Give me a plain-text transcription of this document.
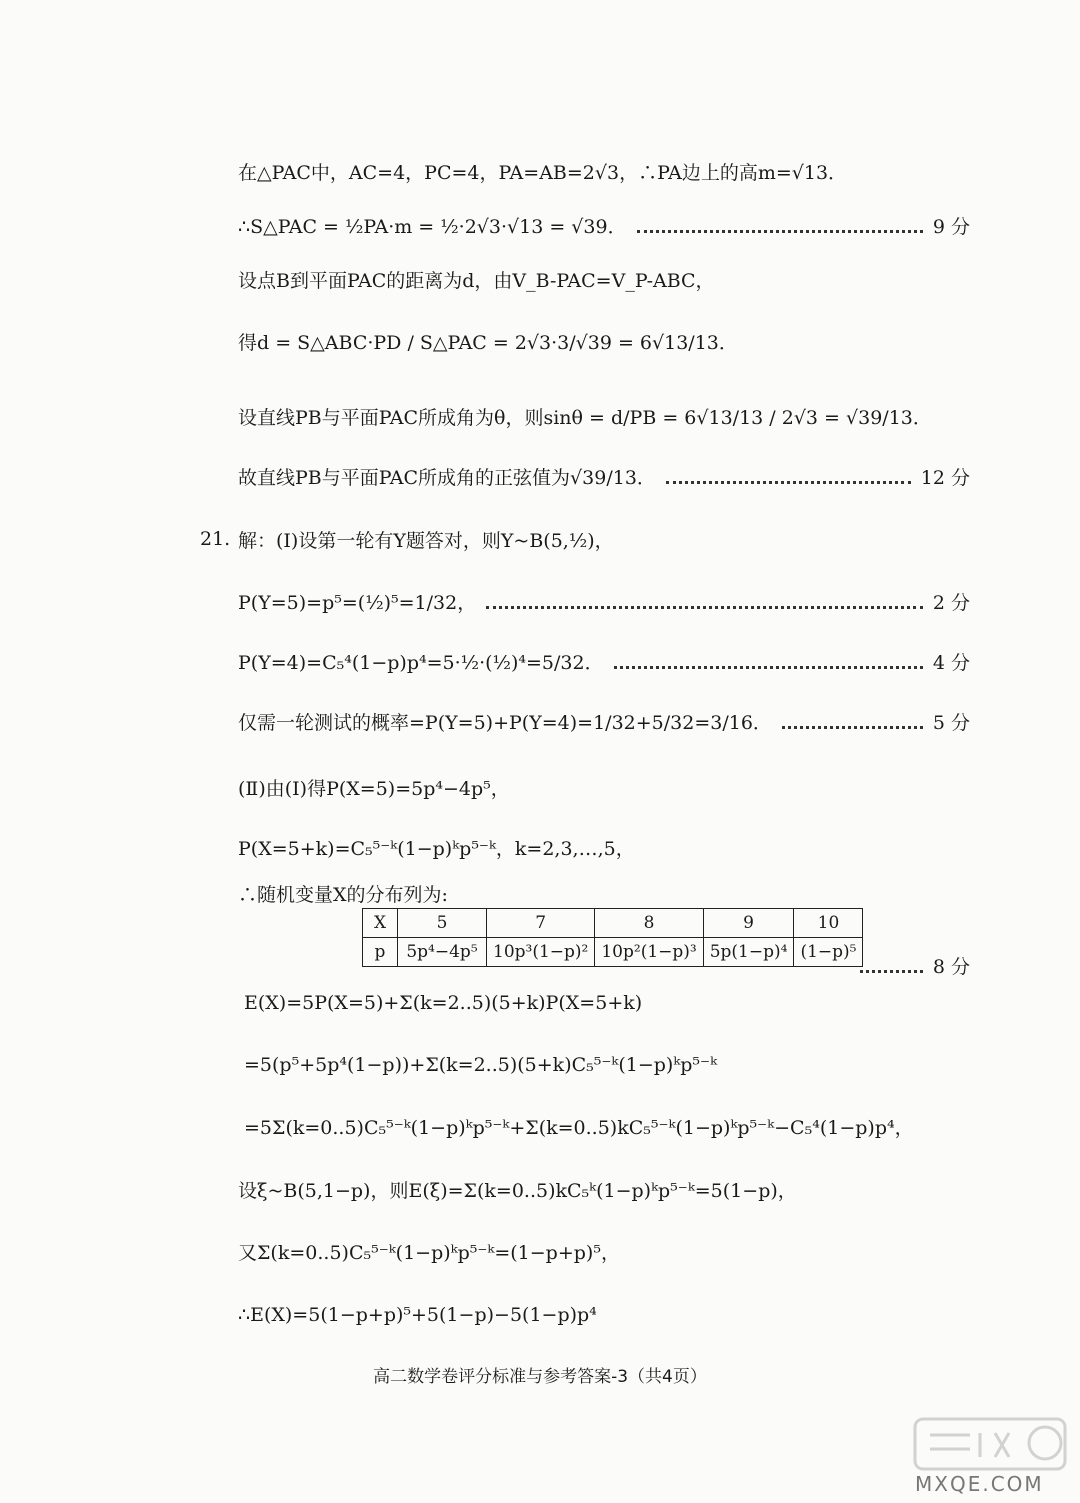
在△PAC中，AC=4，PC=4，PA=AB=2√3，∴PA边上的高m=√13．
∴S△PAC = ½PA·m = ½·2√3·√13 = √39．	9 分
设点B到平面PAC的距离为d，由V_B-PAC=V_P-ABC，
得d = S△ABC·PD / S△PAC = 2√3·3/√39 = 6√13/13．
设直线PB与平面PAC所成角为θ，则sinθ = d/PB = 6√13/13 / 2√3 = √39/13．
故直线PB与平面PAC所成角的正弦值为√39/13．	12 分
21. 解：(Ⅰ)设第一轮有Y题答对，则Y~B(5,½)，
P(Y=5)=p⁵=(½)⁵=1/32，	2 分
P(Y=4)=C₅⁴(1−p)p⁴=5·½·(½)⁴=5/32．	4 分
仅需一轮测试的概率=P(Y=5)+P(Y=4)=1/32+5/32=3/16．	5 分
(Ⅱ)由(Ⅰ)得P(X=5)=5p⁴−4p⁵，
P(X=5+k)=C₅⁵⁻ᵏ(1−p)ᵏp⁵⁻ᵏ，k=2,3,…,5，
∴随机变量X的分布列为:
X	5	7	8	9	10
p	5p⁴−4p⁵	10p³(1−p)²	10p²(1−p)³	5p(1−p)⁴	(1−p)⁵
8 分
E(X)=5P(X=5)+Σ(k=2..5)(5+k)P(X=5+k)
=5(p⁵+5p⁴(1−p))+Σ(k=2..5)(5+k)C₅⁵⁻ᵏ(1−p)ᵏp⁵⁻ᵏ
=5Σ(k=0..5)C₅⁵⁻ᵏ(1−p)ᵏp⁵⁻ᵏ+Σ(k=0..5)kC₅⁵⁻ᵏ(1−p)ᵏp⁵⁻ᵏ−C₅⁴(1−p)p⁴，
设ξ~B(5,1−p)，则E(ξ)=Σ(k=0..5)kC₅ᵏ(1−p)ᵏp⁵⁻ᵏ=5(1−p)，
又Σ(k=0..5)C₅⁵⁻ᵏ(1−p)ᵏp⁵⁻ᵏ=(1−p+p)⁵，
∴E(X)=5(1−p+p)⁵+5(1−p)−5(1−p)p⁴
高二数学卷评分标准与参考答案-3（共4页）
MXQE.COM
